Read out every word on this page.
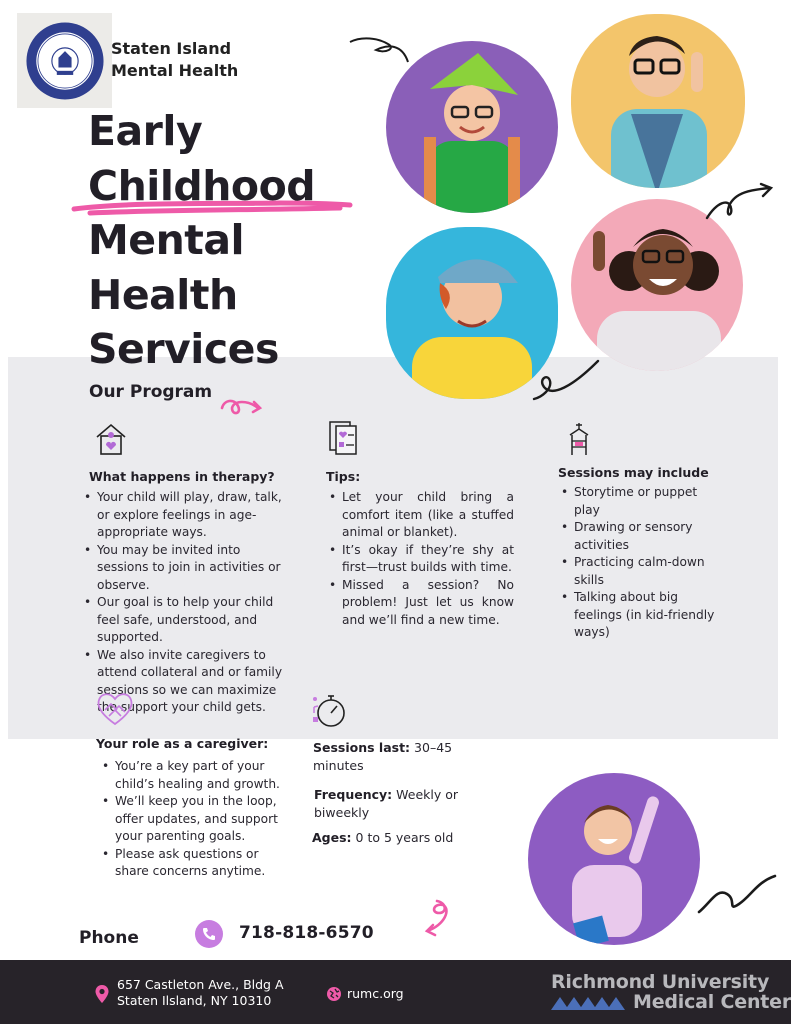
Staten Island
Mental Health
Early
Childhood
Mental
Health
Services
Our Program
What happens in therapy?
• Your child will play, draw, talk, or explore feelings in age-appropriate ways.
• You may be invited into sessions to join in activities or observe.
• Our goal is to help your child feel safe, understood, and supported.
• We also invite caregivers to attend collateral and or family sessions so we can maximize the support your child gets.
Tips:
• Let your child bring a comfort item (like a stuffed animal or blanket).
• It’s okay if they’re shy at first—trust builds with time.
• Missed a session? No problem! Just let us know and we’ll find a new time.
Sessions may include
• Storytime or puppet play
• Drawing or sensory activities
• Practicing calm-down skills
• Talking about big feelings (in kid-friendly ways)
Your role as a caregiver:
• You’re a key part of your child’s healing and growth.
• We’ll keep you in the loop, offer updates, and support your parenting goals.
• Please ask questions or share concerns anytime.
Sessions last: 30–45 minutes
Frequency: Weekly or biweekly
Ages: 0 to 5 years old
Phone	718-818-6570
657 Castleton Ave., Bldg A
Staten Ilsland, NY 10310	rumc.org
Richmond University
Medical Center
